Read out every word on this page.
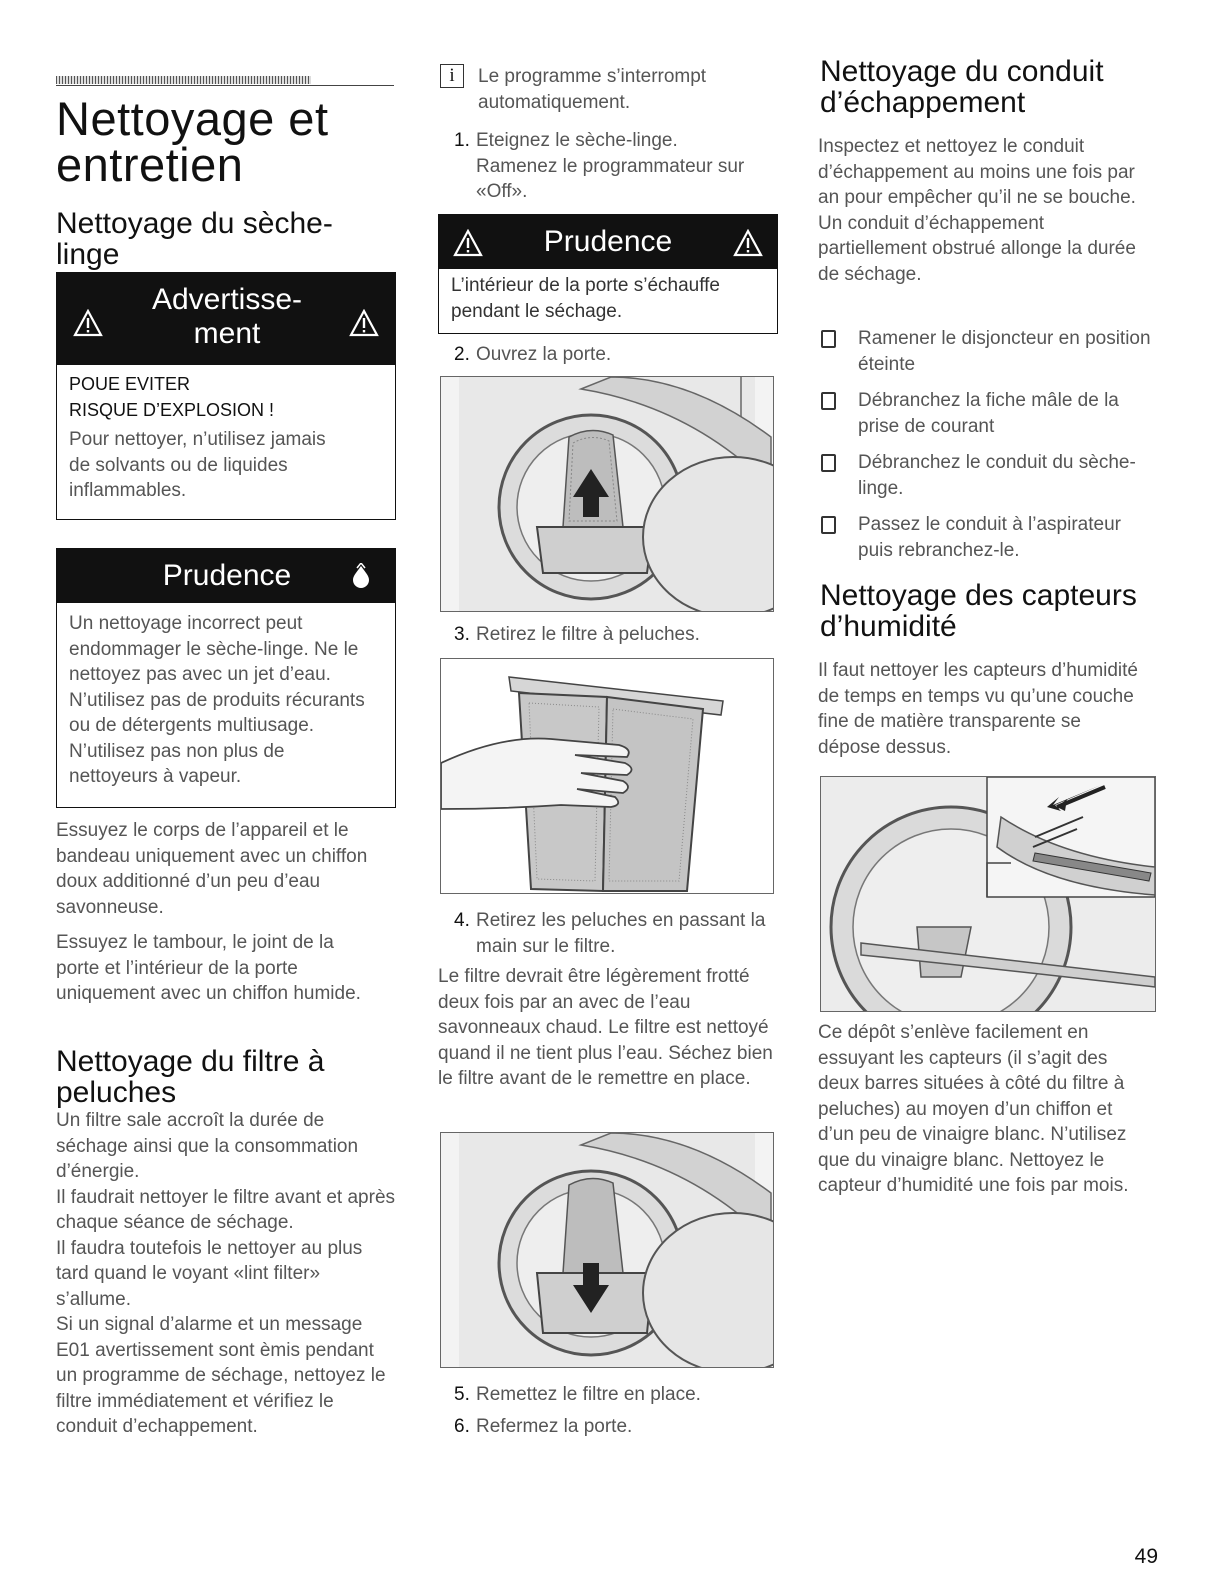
Nettoyage et entretien
Nettoyage du sèche-linge
Advertisse-ment
POUE EVITER
RISQUE D’EXPLOSION !

Pour nettoyer, n’utilisez jamais de solvants ou de liquides inflammables.

Prudence

Un nettoyage incorrect peut endommager le sèche-linge. Ne le nettoyez pas avec un jet d’eau. N’utilisez pas de produits récurants ou de détergents multiusage. N’utilisez pas non plus de nettoyeurs à vapeur.

Essuyez le corps de l’appareil et le bandeau uniquement avec un chiffon doux additionné d’un peu d’eau savonneuse.

Essuyez le tambour, le joint de la porte et l’intérieur de la porte uniquement avec un chiffon humide.

Nettoyage du filtre à peluches

Un filtre sale accroît la durée de séchage ainsi que la consommation d’énergie.

Il faudrait nettoyer le filtre avant et après chaque séance de séchage.

Il faudra toutefois le nettoyer au plus tard quand le voyant «lint filter» s’allume.

Si un signal d’alarme et un message E01 avertissement sont èmis pendant un programme de séchage, nettoyez le filtre immédiatement et vérifiez le conduit d’echappement.

i	Le programme s’interrompt automatiquement.

1. Eteignez le sèche-linge. Ramenez le programmateur sur «Off».
Prudence

L’intérieur de la porte s’échauffe pendant le séchage.

2. Ouvrez la porte.
3. Retirez le filtre à peluches.
4. Retirez les peluches en passant la main sur le filtre.

Le filtre devrait être légèrement frotté deux fois par an avec de l’eau savonneaux chaud. Le filtre est nettoyé quand il ne tient plus l’eau. Séchez bien le filtre avant de le remettre en place.

5. Remettez le filtre en place.
6. Refermez la porte.
Nettoyage du conduit d’échappement

Inspectez et nettoyez le conduit d’échappement au moins une fois par an pour empêcher qu’il ne se bouche. Un conduit d’échappement partiellement obstrué allonge la durée de séchage.

Ramener le disjoncteur en position éteinte
Débranchez la fiche mâle de la prise de courant
Débranchez le conduit du sèche-linge.
Passez le conduit à l’aspirateur puis rebranchez-le.
Nettoyage des capteurs d’humidité

Il faut nettoyer les capteurs d’humidité de temps en temps vu qu’une couche fine de matière transparente se dépose dessus.

Ce dépôt s’enlève facilement en essuyant les capteurs (il s’agit des deux barres situées à côté du filtre à peluches) au moyen d’un chiffon et d’un peu de vinaigre blanc. N’utilisez que du vinaigre blanc. Nettoyez le capteur d’humidité une fois par mois.

49
